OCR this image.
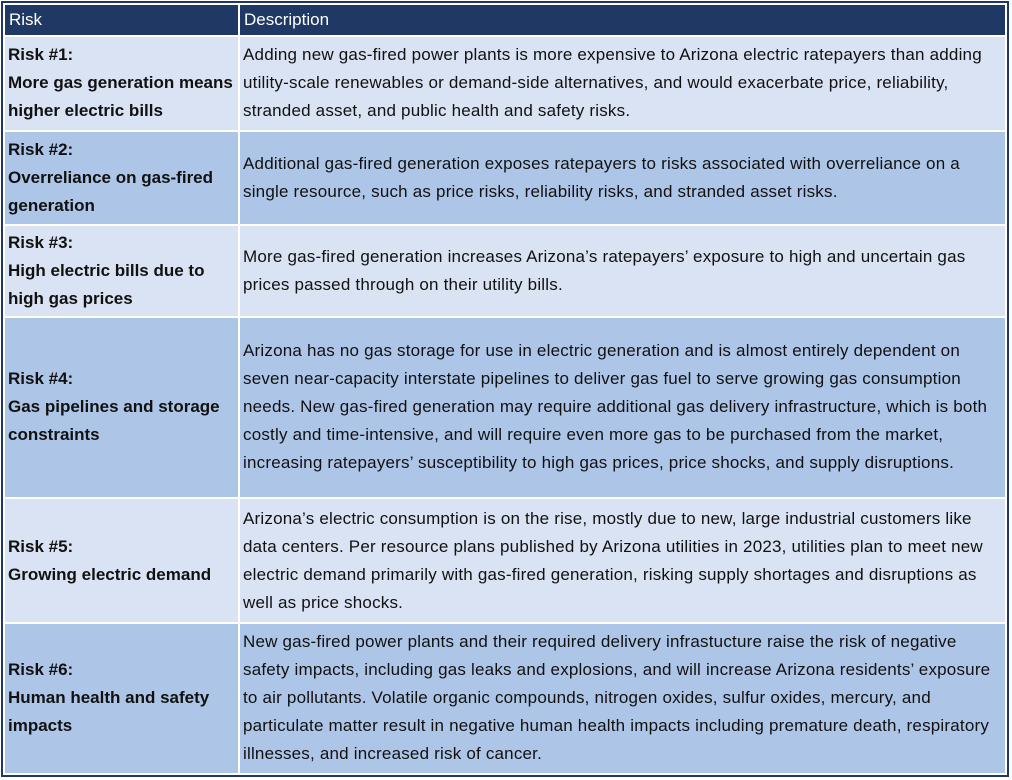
Risk	Description

Risk #1:
More gas generation means higher electric bills	Adding new gas-fired power plants is more expensive to Arizona electric ratepayers than adding utility-scale renewables or demand-side alternatives, and would exacerbate price, reliability, stranded asset, and public health and safety risks.

Risk #2:
Overreliance on gas-fired generation	Additional gas-fired generation exposes ratepayers to risks associated with overreliance on a single resource, such as price risks, reliability risks, and stranded asset risks.

Risk #3:
High electric bills due to high gas prices	More gas-fired generation increases Arizona’s ratepayers’ exposure to high and uncertain gas prices passed through on their utility bills.

Risk #4:
Gas pipelines and storage constraints	Arizona has no gas storage for use in electric generation and is almost entirely dependent on seven near-capacity interstate pipelines to deliver gas fuel to serve growing gas consumption needs. New gas-fired generation may require additional gas delivery infrastructure, which is both costly and time-intensive, and will require even more gas to be purchased from the market, increasing ratepayers’ susceptibility to high gas prices, price shocks, and supply disruptions.

Risk #5:
Growing electric demand	Arizona’s electric consumption is on the rise, mostly due to new, large industrial customers like data centers. Per resource plans published by Arizona utilities in 2023, utilities plan to meet new electric demand primarily with gas-fired generation, risking supply shortages and disruptions as well as price shocks.

Risk #6:
Human health and safety impacts	New gas-fired power plants and their required delivery infrastucture raise the risk of negative safety impacts, including gas leaks and explosions, and will increase Arizona residents’ exposure to air pollutants. Volatile organic compounds, nitrogen oxides, sulfur oxides, mercury, and particulate matter result in negative human health impacts including premature death, respiratory illnesses, and increased risk of cancer.
